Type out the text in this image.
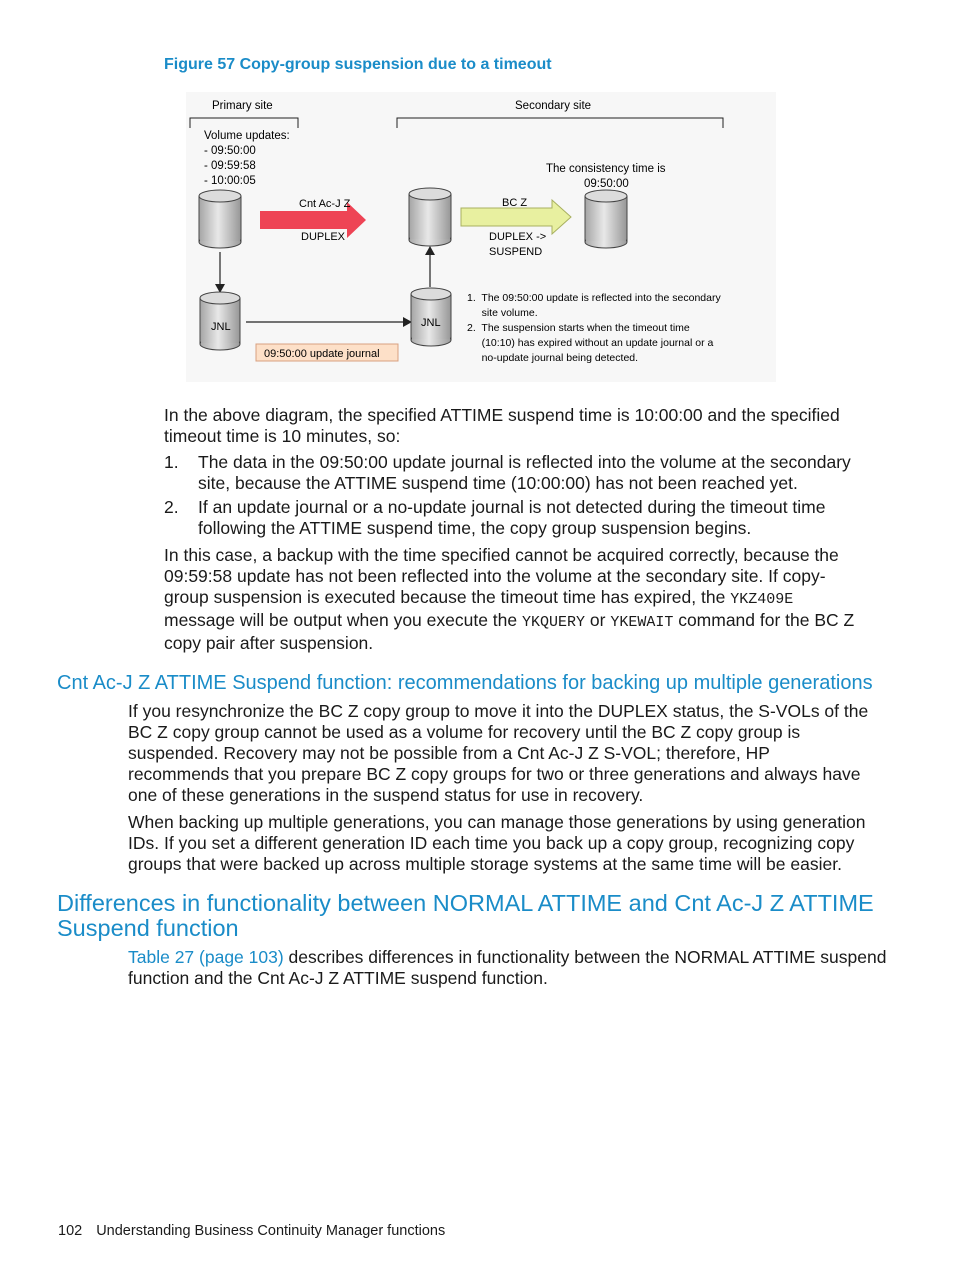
Figure 57 Copy-group suspension due to a timeout
Primary site	Secondary site
Volume updates:
- 09:50:00
- 09:59:58
- 10:00:05
Cnt Ac-J Z
DUPLEX
BC Z
DUPLEX ->
SUSPEND
The consistency time is
09:50:00
JNL	JNL
09:50:00 update journal
1.  The 09:50:00 update is reflected into the secondary
site volume.
2.  The suspension starts when the timeout time
(10:10) has expired without an update journal or a
no-update journal being detected.
In the above diagram, the specified ATTIME suspend time is 10:00:00 and the specified timeout time is 10 minutes, so:
1.	The data in the 09:50:00 update journal is reflected into the volume at the secondary site, because the ATTIME suspend time (10:00:00) has not been reached yet.
2.	If an update journal or a no-update journal is not detected during the timeout time following the ATTIME suspend time, the copy group suspension begins.
In this case, a backup with the time specified cannot be acquired correctly, because the 09:59:58 update has not been reflected into the volume at the secondary site. If copy-group suspension is executed because the timeout time has expired, the YKZ409E message will be output when you execute the YKQUERY or YKEWAIT command for the BC Z copy pair after suspension.
Cnt Ac-J Z ATTIME Suspend function: recommendations for backing up multiple generations
If you resynchronize the BC Z copy group to move it into the DUPLEX status, the S-VOLs of the BC Z copy group cannot be used as a volume for recovery until the BC Z copy group is suspended. Recovery may not be possible from a Cnt Ac-J Z S-VOL; therefore, HP recommends that you prepare BC Z copy groups for two or three generations and always have one of these generations in the suspend status for use in recovery.
When backing up multiple generations, you can manage those generations by using generation IDs. If you set a different generation ID each time you back up a copy group, recognizing copy groups that were backed up across multiple storage systems at the same time will be easier.
Differences in functionality between NORMAL ATTIME and Cnt Ac-J Z ATTIME Suspend function
Table 27 (page 103) describes differences in functionality between the NORMAL ATTIME suspend function and the Cnt Ac-J Z ATTIME suspend function.
102 Understanding Business Continuity Manager functions
